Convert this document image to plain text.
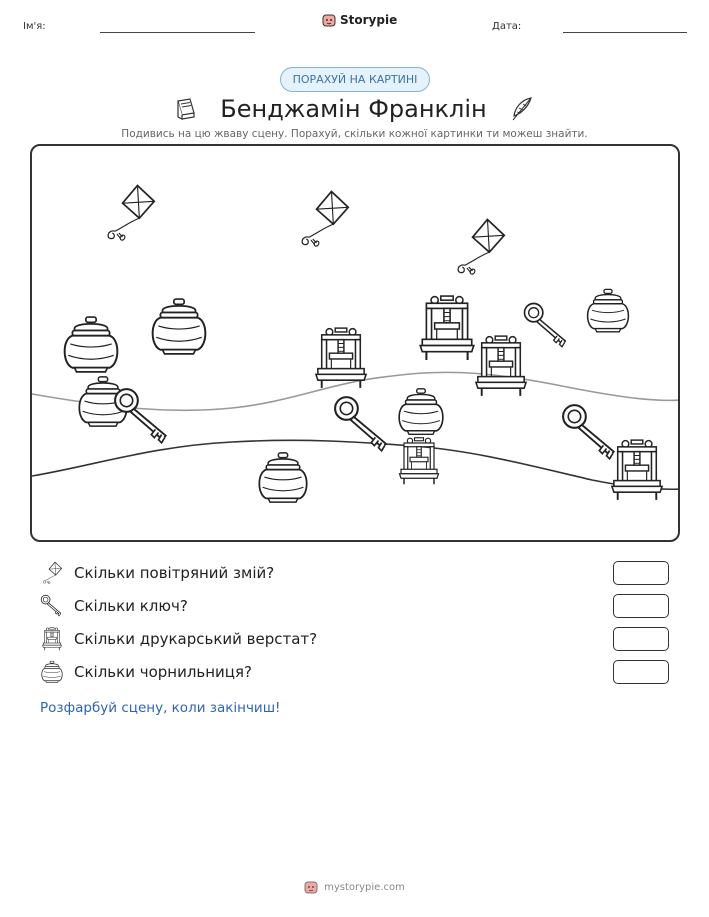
Ім'я:	Storypie	Дата:
ПОРАХУЙ НА КАРТИНІ
Бенджамін Франклін
Подивись на цю жваву сцену. Порахуй, скільки кожної картинки ти можеш знайти.
Скільки повітряний змій?
Скільки ключ?
Скільки друкарський верстат?
Скільки чорнильниця?
Розфарбуй сцену, коли закінчиш!
mystorypie.com
